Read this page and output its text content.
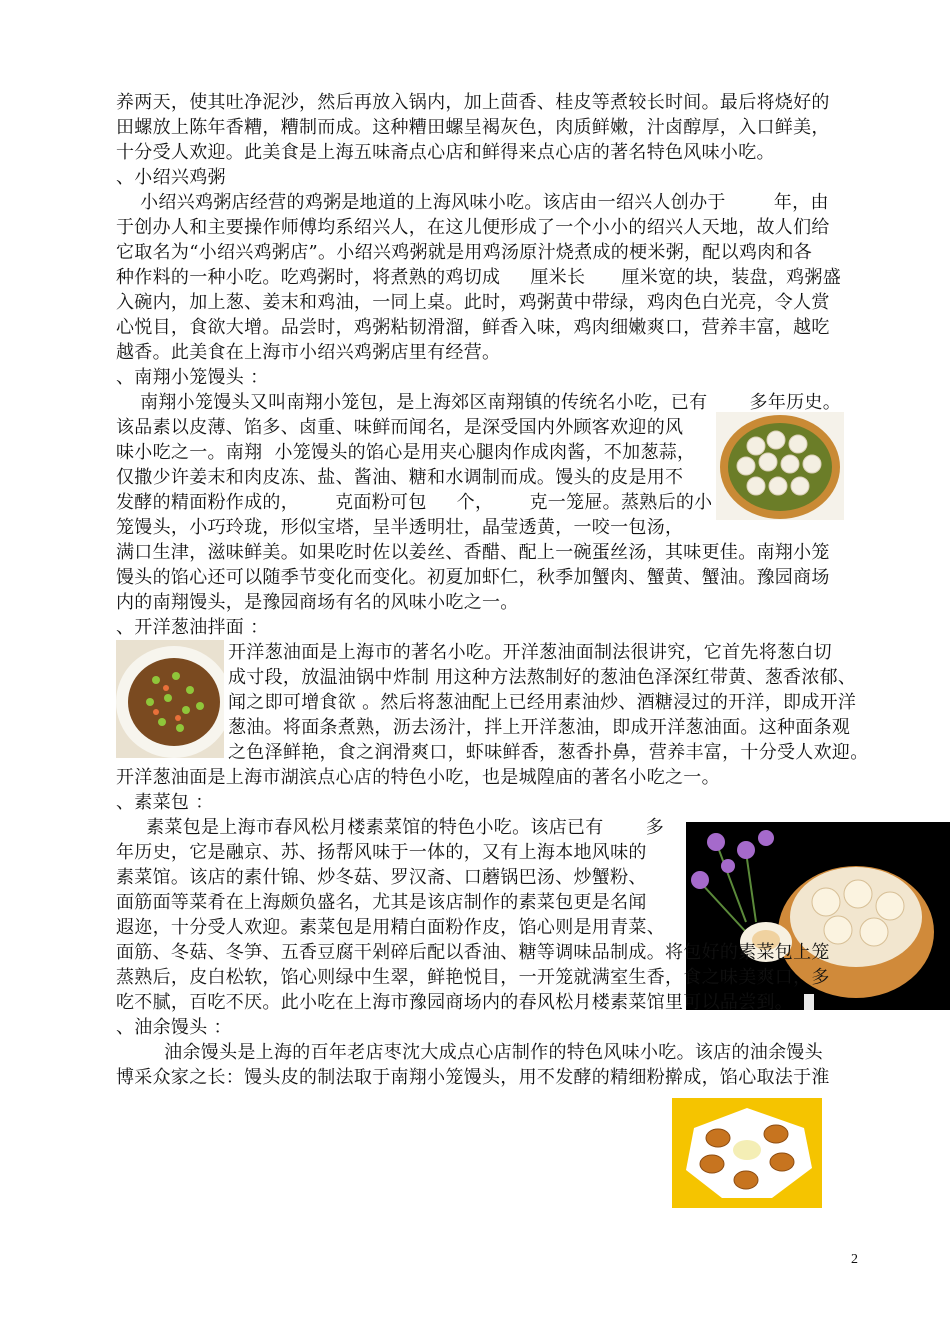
养两天，使其吐净泥沙，然后再放入锅内，加上茴香、桂皮等煮较长时间。最后将烧好的
田螺放上陈年香糟，糟制而成。这种糟田螺呈褐灰色，肉质鲜嫩，汁卤醇厚，入口鲜美，
十分受人欢迎。此美食是上海五味斋点心店和鲜得来点心店的著名特色风味小吃。
、小绍兴鸡粥
小绍兴鸡粥店经营的鸡粥是地道的上海风味小吃。该店由一绍兴人创办于        年，由
于创办人和主要操作师傅均系绍兴人，在这儿便形成了一个小小的绍兴人天地，故人们给
它取名为“小绍兴鸡粥店”。小绍兴鸡粥就是用鸡汤原汁烧煮成的梗米粥，配以鸡肉和各
种作料的一种小吃。吃鸡粥时，将煮熟的鸡切成     厘米长      厘米宽的块，装盘，鸡粥盛
入碗内，加上葱、姜末和鸡油，一同上桌。此时，鸡粥黄中带绿，鸡肉色白光亮，令人赏
心悦目，食欲大增。品尝时，鸡粥粘韧滑溜，鲜香入味，鸡肉细嫩爽口，营养丰富，越吃
越香。此美食在上海市小绍兴鸡粥店里有经营。
、南翔小笼馒头 ：
南翔小笼馒头又叫南翔小笼包，是上海郊区南翔镇的传统名小吃，已有       多年历史。
该品素以皮薄、馅多、卤重、味鲜而闻名，是深受国内外顾客欢迎的风
味小吃之一。南翔  小笼馒头的馅心是用夹心腿肉作成肉酱，不加葱蒜，
仅撒少许姜末和肉皮冻、盐、酱油、糖和水调制而成。馒头的皮是用不
发酵的精面粉作成的，      克面粉可包     个，      克一笼屉。蒸熟后的小
笼馒头，小巧玲珑，形似宝塔，呈半透明壮，晶莹透黄，一咬一包汤，
满口生津，滋味鲜美。如果吃时佐以姜丝、香醋、配上一碗蛋丝汤，其味更佳。南翔小笼
馒头的馅心还可以随季节变化而变化。初夏加虾仁，秋季加蟹肉、蟹黄、蟹油。豫园商场
内的南翔馒头，是豫园商场有名的风味小吃之一。
、开洋葱油拌面 ：
开洋葱油面是上海市的著名小吃。开洋葱油面制法很讲究，它首先将葱白切
成寸段，放温油锅中炸制 用这种方法熬制好的葱油色泽深红带黄、葱香浓郁、
闻之即可增食欲 。然后将葱油配上已经用素油炒、酒糖浸过的开洋，即成开洋
葱油。将面条煮熟，沥去汤汁，拌上开洋葱油，即成开洋葱油面。这种面条观
之色泽鲜艳，食之润滑爽口，虾味鲜香，葱香扑鼻，营养丰富，十分受人欢迎。
开洋葱油面是上海市湖滨点心店的特色小吃，也是城隍庙的著名小吃之一。
、素菜包 ：
素菜包是上海市春风松月楼素菜馆的特色小吃。该店已有       多
年历史，它是融京、苏、扬帮风味于一体的，又有上海本地风味的
素菜馆。该店的素什锦、炒冬菇、罗汉斋、口蘑锅巴汤、炒蟹粉、
面筋面等菜肴在上海颇负盛名，尤其是该店制作的素菜包更是名闻
遐迩，十分受人欢迎。素菜包是用精白面粉作皮，馅心则是用青菜、
面筋、冬菇、冬笋、五香豆腐干剁碎后配以香油、糖等调味品制成。将包好的素菜包上笼
蒸熟后，皮白松软，馅心则绿中生翠，鲜艳悦目，一开笼就满室生香，食之味美爽口，多
吃不腻，百吃不厌。此小吃在上海市豫园商场内的春风松月楼素菜馆里可以品尝到。
、油余馒头 ：
油余馒头是上海的百年老店枣沈大成点心店制作的特色风味小吃。该店的油余馒头
博采众家之长：馒头皮的制法取于南翔小笼馒头，用不发酵的精细粉擀成，馅心取法于淮
2
